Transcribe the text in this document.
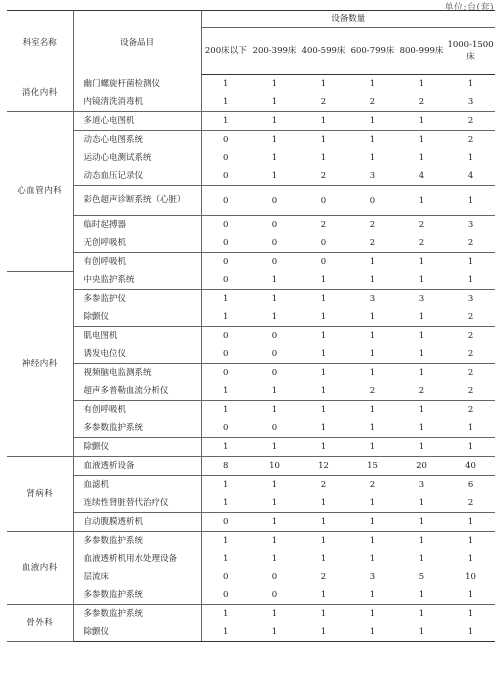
单位:台(套)
科室名称	设备品目	设备数量					
		200床以下	200-399床	400-599床	600-799床	800-999床	1000-1500床
消化内科	幽门螺旋杆菌检测仪	1	1	1	1	1	1
	内镜清洗消毒机	1	1	2	2	2	3
心血管内科	多道心电图机	1	1	1	1	1	2
	动态心电图系统	0	1	1	1	1	2
	运动心电测试系统	0	1	1	1	1	1
	动态血压记录仪	0	1	2	3	4	4
	彩色超声诊断系统（心脏）	0	0	0	0	1	1
	临时起搏器	0	0	2	2	2	3
	无创呼吸机	0	0	0	2	2	2
	有创呼吸机	0	0	0	1	1	1
神经内科	中央监护系统	0	1	1	1	1	1
	多参监护仪	1	1	1	3	3	3
	除颤仪	1	1	1	1	1	2
	肌电图机	0	0	1	1	1	2
	诱发电位仪	0	0	1	1	1	2
	视频脑电监测系统	0	0	1	1	1	2
	超声多普勒血流分析仪	1	1	1	2	2	2
	有创呼吸机	1	1	1	1	1	2
	多参数监护系统	0	0	1	1	1	1
	除颤仪	1	1	1	1	1	1
肾病科	血液透析设备	8	10	12	15	20	40
	血滤机	1	1	2	2	3	6
	连续性肾脏替代治疗仪	1	1	1	1	1	2
	自动腹膜透析机	0	1	1	1	1	1
血液内科	多参数监护系统	1	1	1	1	1	1
	血液透析机用水处理设备	1	1	1	1	1	1
	层流床	0	0	2	3	5	10
	多参数监护系统	0	0	1	1	1	1
骨外科	多参数监护系统	1	1	1	1	1	1
	除颤仪	1	1	1	1	1	1
